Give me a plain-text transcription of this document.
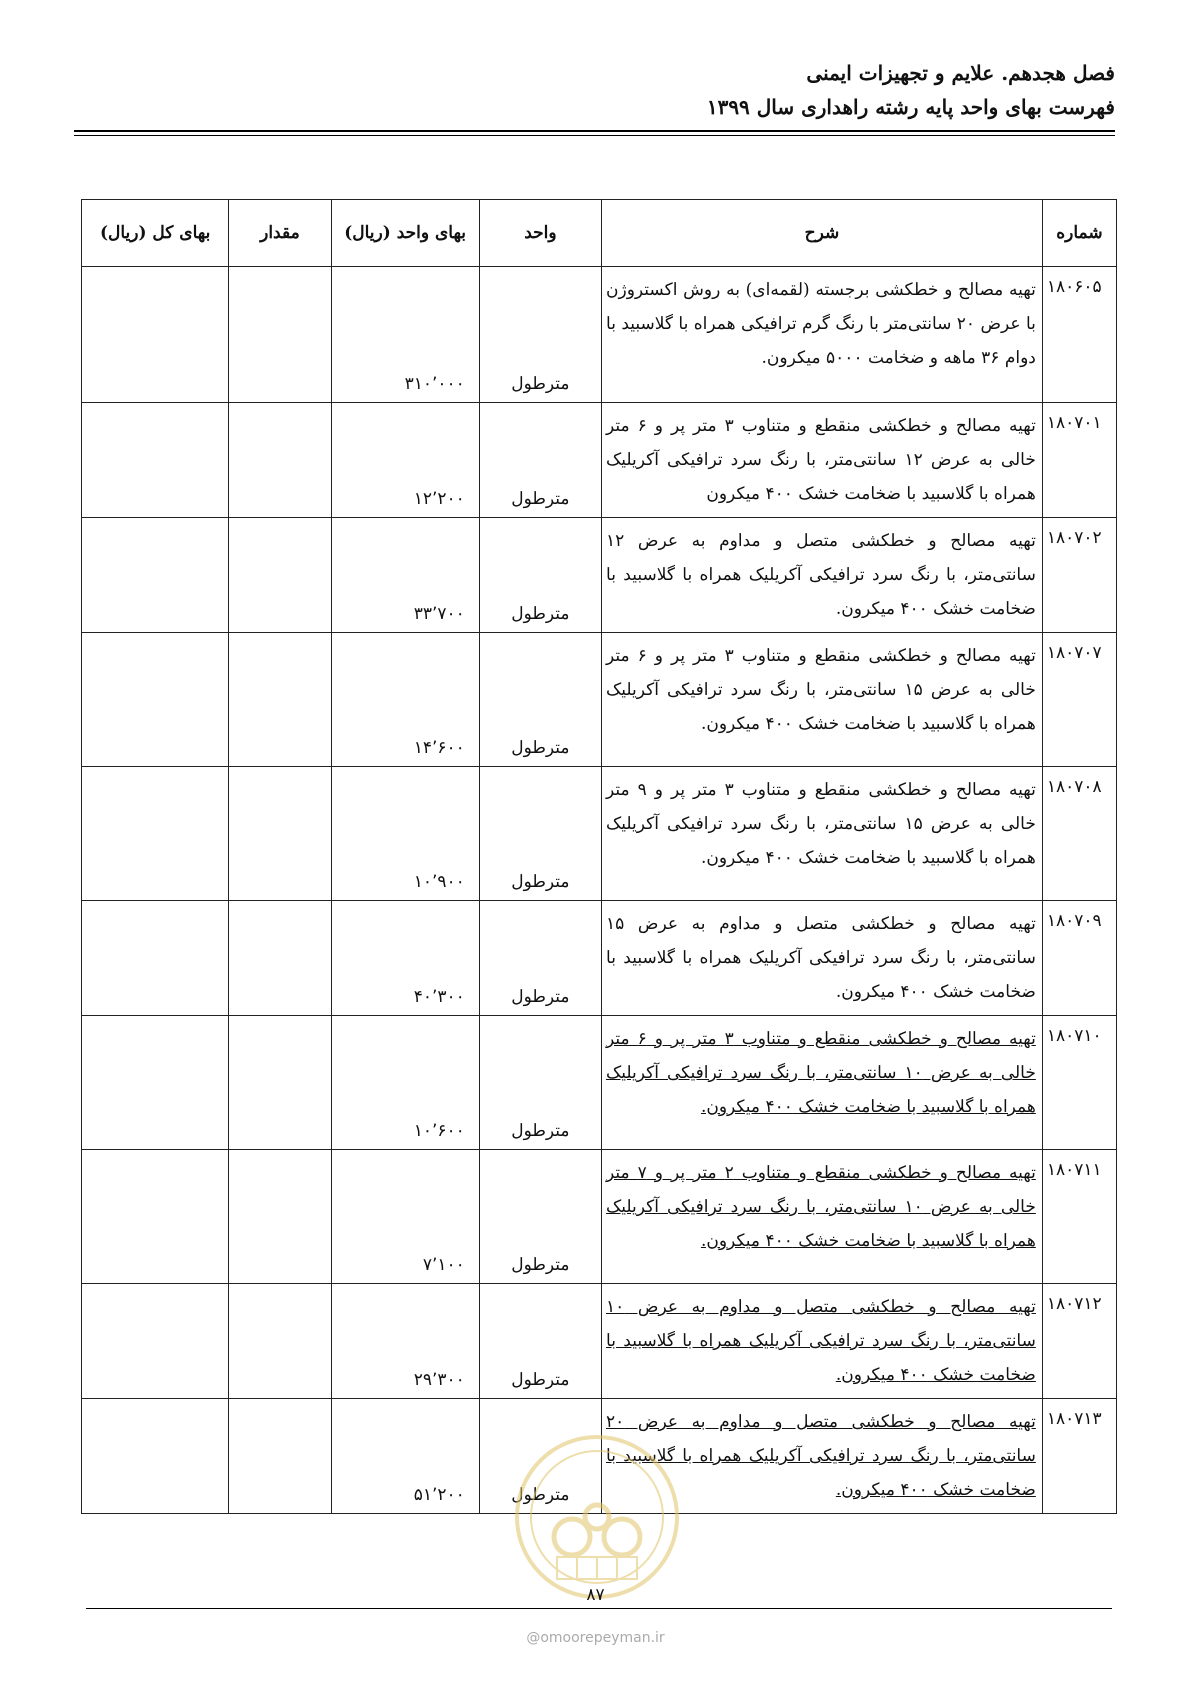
فصل هجدهم. علایم و تجهیزات ایمنی
فهرست بهای واحد پایه رشته راهداری سال ۱۳۹۹
شماره	شرح	واحد	بهای واحد (ریال)	مقدار	بهای کل (ریال)
۱۸۰۶۰۵	تهیه مصالح و خطکشی برجسته (لقمه‌ای) به روش اکستروژن با عرض ۲۰ سانتی‌متر با رنگ گرم ترافیکی همراه با گلاسبید با دوام ۳۶ ماهه و ضخامت ۵۰۰۰ میکرون.	مترطول	۳۱۰٬۰۰۰		
۱۸۰۷۰۱	تهیه مصالح و خطکشی منقطع و متناوب ۳ متر پر و ۶ متر خالی به عرض ۱۲ سانتی‌متر، با رنگ سرد ترافیکی آکریلیک همراه با گلاسبید با ضخامت خشک ۴۰۰ میکرون	مترطول	۱۲٬۲۰۰		
۱۸۰۷۰۲	تهیه مصالح و خطکشی متصل و مداوم به عرض ۱۲ سانتی‌متر، با رنگ سرد ترافیکی آکریلیک همراه با گلاسبید با ضخامت خشک ۴۰۰ میکرون.	مترطول	۳۳٬۷۰۰		
۱۸۰۷۰۷	تهیه مصالح و خطکشی منقطع و متناوب ۳ متر پر و ۶ متر خالی به عرض ۱۵ سانتی‌متر، با رنگ سرد ترافیکی آکریلیک همراه با گلاسبید با ضخامت خشک ۴۰۰ میکرون.	مترطول	۱۴٬۶۰۰		
۱۸۰۷۰۸	تهیه مصالح و خطکشی منقطع و متناوب ۳ متر پر و ۹ متر خالی به عرض ۱۵ سانتی‌متر، با رنگ سرد ترافیکی آکریلیک همراه با گلاسبید با ضخامت خشک ۴۰۰ میکرون.	مترطول	۱۰٬۹۰۰		
۱۸۰۷۰۹	تهیه مصالح و خطکشی متصل و مداوم به عرض ۱۵ سانتی‌متر، با رنگ سرد ترافیکی آکریلیک همراه با گلاسبید با ضخامت خشک ۴۰۰ میکرون.	مترطول	۴۰٬۳۰۰		
۱۸۰۷۱۰	تهیه مصالح و خطکشی منقطع و متناوب ۳ متر پر و ۶ متر خالی به عرض ۱۰ سانتی‌متر، با رنگ سرد ترافیکی آکریلیک همراه با گلاسبید با ضخامت خشک ۴۰۰ میکرون.	مترطول	۱۰٬۶۰۰		
۱۸۰۷۱۱	تهیه مصالح و خطکشی منقطع و متناوب ۲ متر پر و ۷ متر خالی به عرض ۱۰ سانتی‌متر، با رنگ سرد ترافیکی آکریلیک همراه با گلاسبید با ضخامت خشک ۴۰۰ میکرون.	مترطول	۷٬۱۰۰		
۱۸۰۷۱۲	تهیه مصالح و خطکشی متصل و مداوم به عرض ۱۰ سانتی‌متر، با رنگ سرد ترافیکی آکریلیک همراه با گلاسبید با ضخامت خشک ۴۰۰ میکرون.	مترطول	۲۹٬۳۰۰		
۱۸۰۷۱۳	تهیه مصالح و خطکشی متصل و مداوم به عرض ۲۰ سانتی‌متر، با رنگ سرد ترافیکی آکریلیک همراه با گلاسبید با ضخامت خشک ۴۰۰ میکرون.	مترطول	۵۱٬۲۰۰		
۸۷
@omoorepeyman.ir
